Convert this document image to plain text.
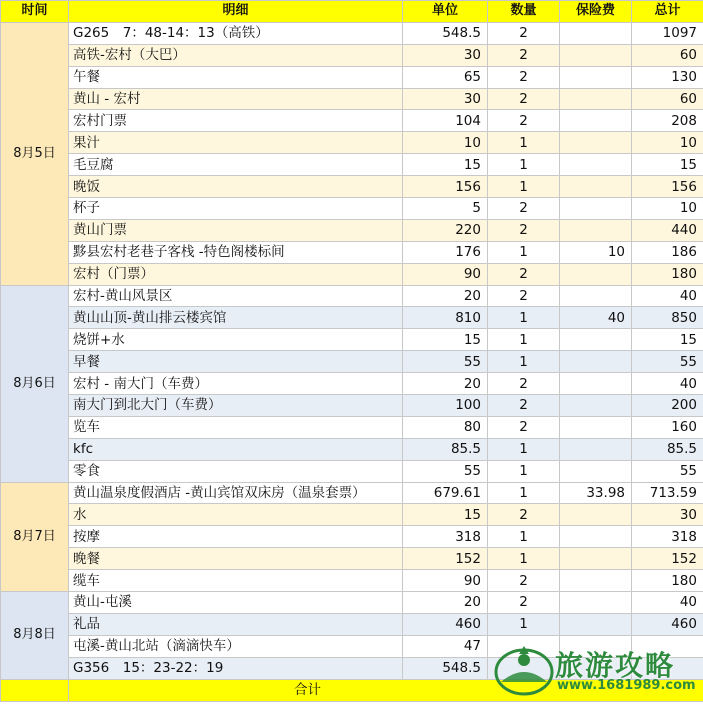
时间	明细	单位	数量	保险费	总计
8月5日	G265　7：48-14：13（高铁）	548.5	2		1097
	高铁-宏村（大巴）	30	2		60
	午餐	65	2		130
	黄山 - 宏村	30	2		60
	宏村门票	104	2		208
	果汁	10	1		10
	毛豆腐	15	1		15
	晚饭	156	1		156
	杯子	5	2		10
	黄山门票	220	2		440
	黟县宏村老巷子客栈 -特色阁楼标间	176	1	10	186
	宏村（门票）	90	2		180
8月6日	宏村-黄山风景区	20	2		40
	黄山山顶-黄山排云楼宾馆	810	1	40	850
	烧饼+水	15	1		15
	早餐	55	1		55
	宏村 - 南大门（车费）	20	2		40
	南大门到北大门（车费）	100	2		200
	览车	80	2		160
	kfc	85.5	1		85.5
	零食	55	1		55
8月7日	黄山温泉度假酒店 -黄山宾馆双床房（温泉套票）	679.61	1	33.98	713.59
	水	15	2		30
	按摩	318	1		318
	晚餐	152	1		152
	缆车	90	2		180
8月8日	黄山-屯溪	20	2		40
	礼品	460	1		460
	屯溪-黄山北站（滴滴快车）	47			
	G356　15：23-22：19	548.5			
	合计				
旅游攻略
www.1681989.com
